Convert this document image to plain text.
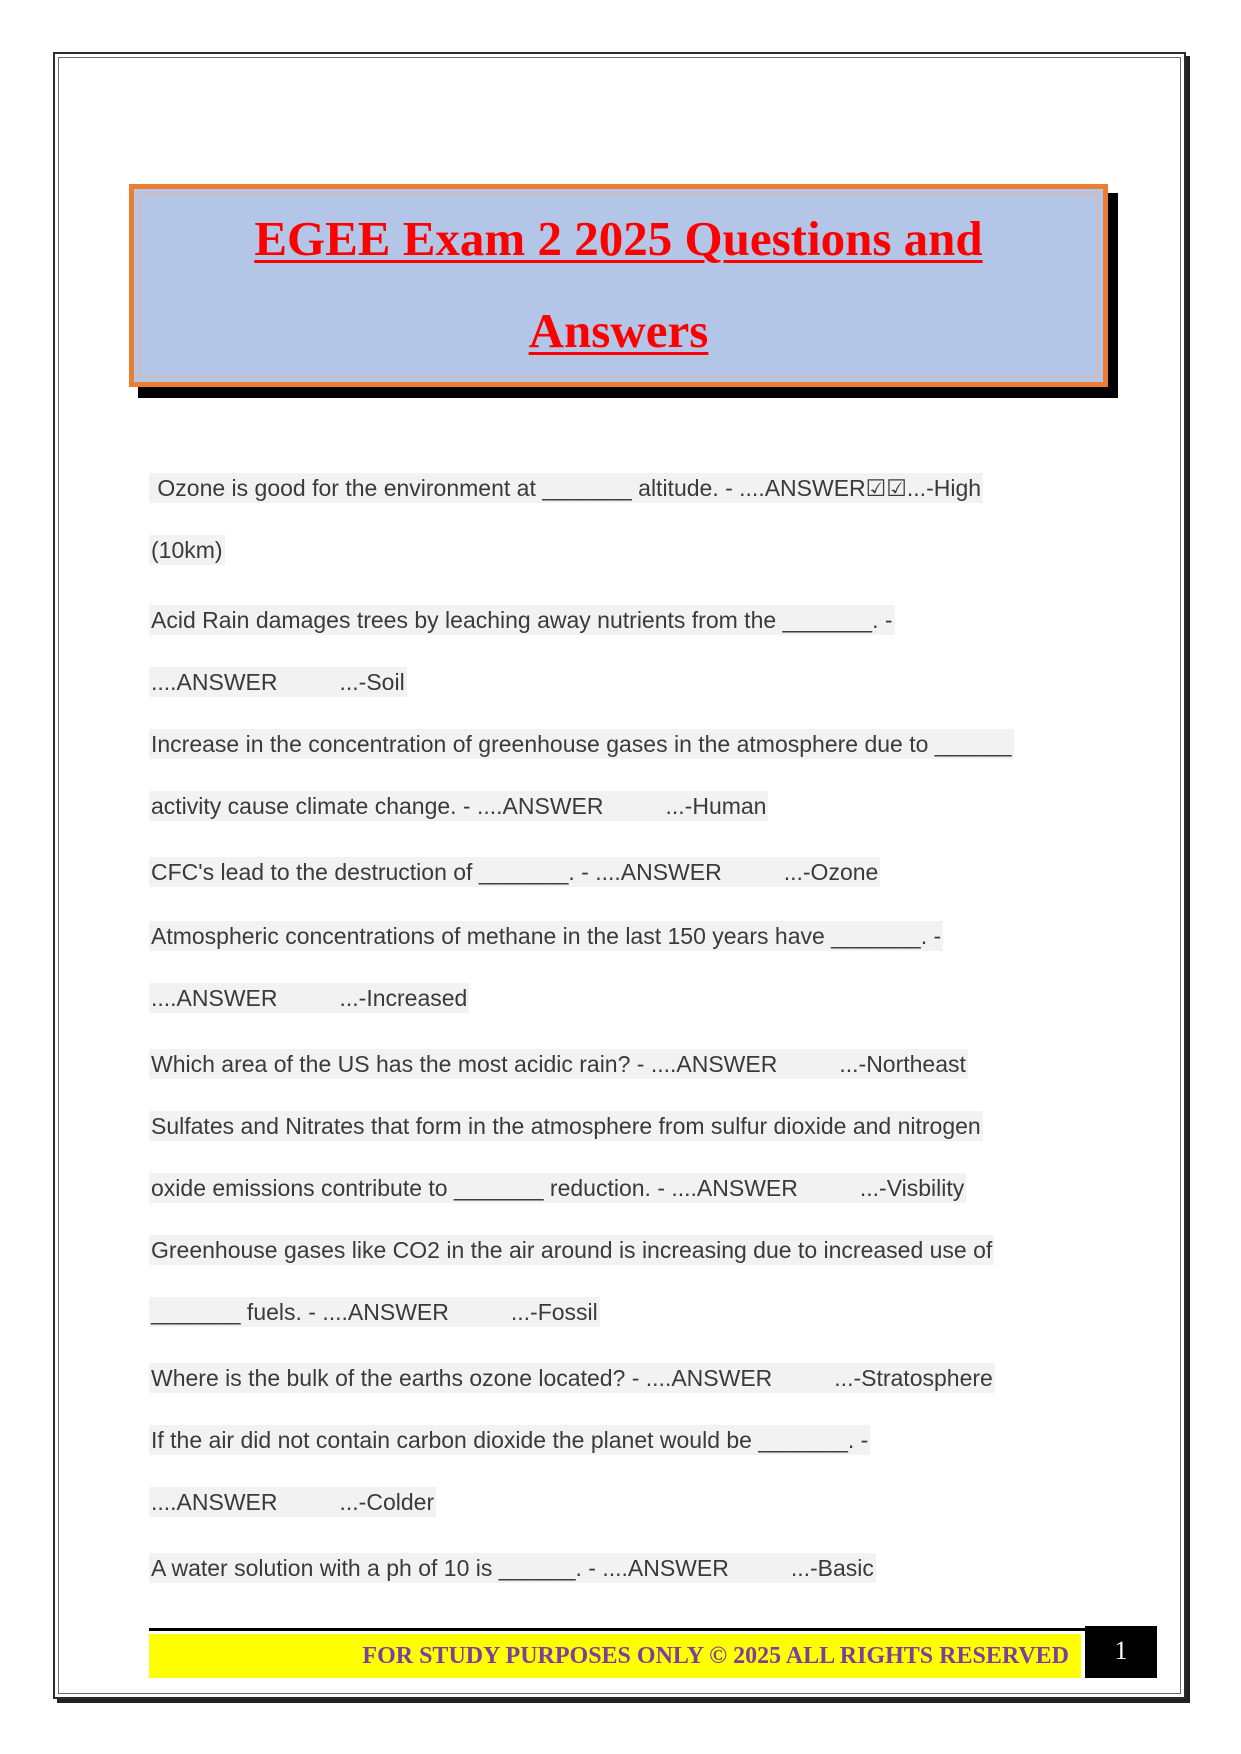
EGEE Exam 2 2025 Questions and
Answers
Ozone is good for the environment at _______ altitude. - ....ANSWER☑☑...-High
(10km)
Acid Rain damages trees by leaching away nutrients from the _______. -
....ANSWER	...-Soil
Increase in the concentration of greenhouse gases in the atmosphere due to ______
activity cause climate change. - ....ANSWER	...-Human
CFC's lead to the destruction of _______. - ....ANSWER	...-Ozone
Atmospheric concentrations of methane in the last 150 years have _______. -
....ANSWER	...-Increased
Which area of the US has the most acidic rain? - ....ANSWER	...-Northeast
Sulfates and Nitrates that form in the atmosphere from sulfur dioxide and nitrogen
oxide emissions contribute to _______ reduction. - ....ANSWER	...-Visbility
Greenhouse gases like CO2 in the air around is increasing due to increased use of
_______ fuels. - ....ANSWER	...-Fossil
Where is the bulk of the earths ozone located? - ....ANSWER	...-Stratosphere
If the air did not contain carbon dioxide the planet would be _______. -
....ANSWER	...-Colder
A water solution with a ph of 10 is ______. - ....ANSWER	...-Basic
FOR STUDY PURPOSES ONLY © 2025 ALL RIGHTS RESERVED	1
